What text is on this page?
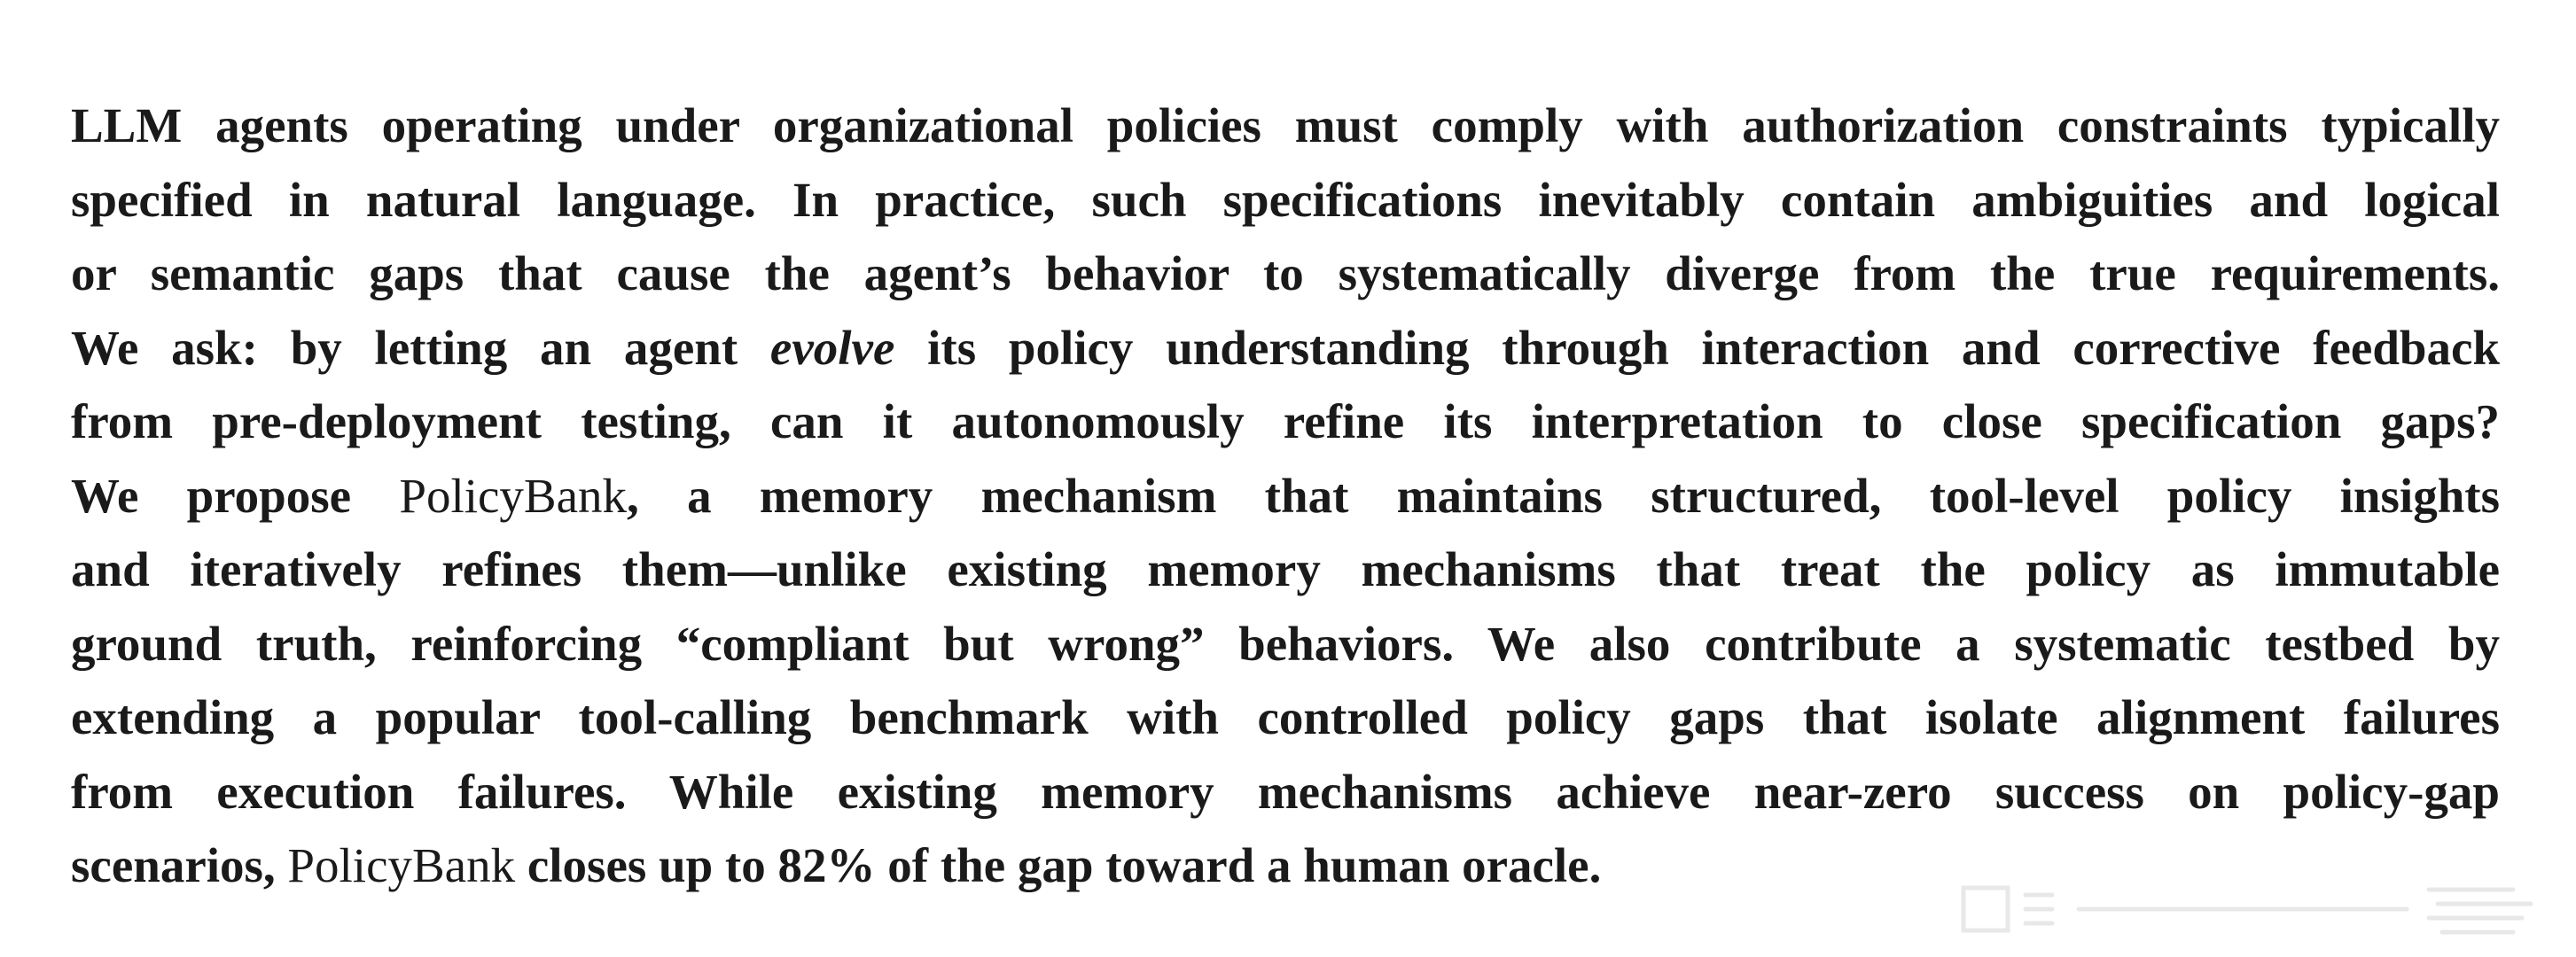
LLM agents operating under organizational policies must comply with authorization constraints typically
specified in natural language. In practice, such specifications inevitably contain ambiguities and logical
or semantic gaps that cause the agent’s behavior to systematically diverge from the true requirements.
We ask: by letting an agent evolve its policy understanding through interaction and corrective feedback
from pre-deployment testing, can it autonomously refine its interpretation to close specification gaps?
We propose PolicyBank, a memory mechanism that maintains structured, tool-level policy insights
and iteratively refines them—unlike existing memory mechanisms that treat the policy as immutable
ground truth, reinforcing “compliant but wrong” behaviors. We also contribute a systematic testbed by
extending a popular tool-calling benchmark with controlled policy gaps that isolate alignment failures
from execution failures. While existing memory mechanisms achieve near-zero success on policy-gap
scenarios, PolicyBank closes up to 82% of the gap toward a human oracle.
